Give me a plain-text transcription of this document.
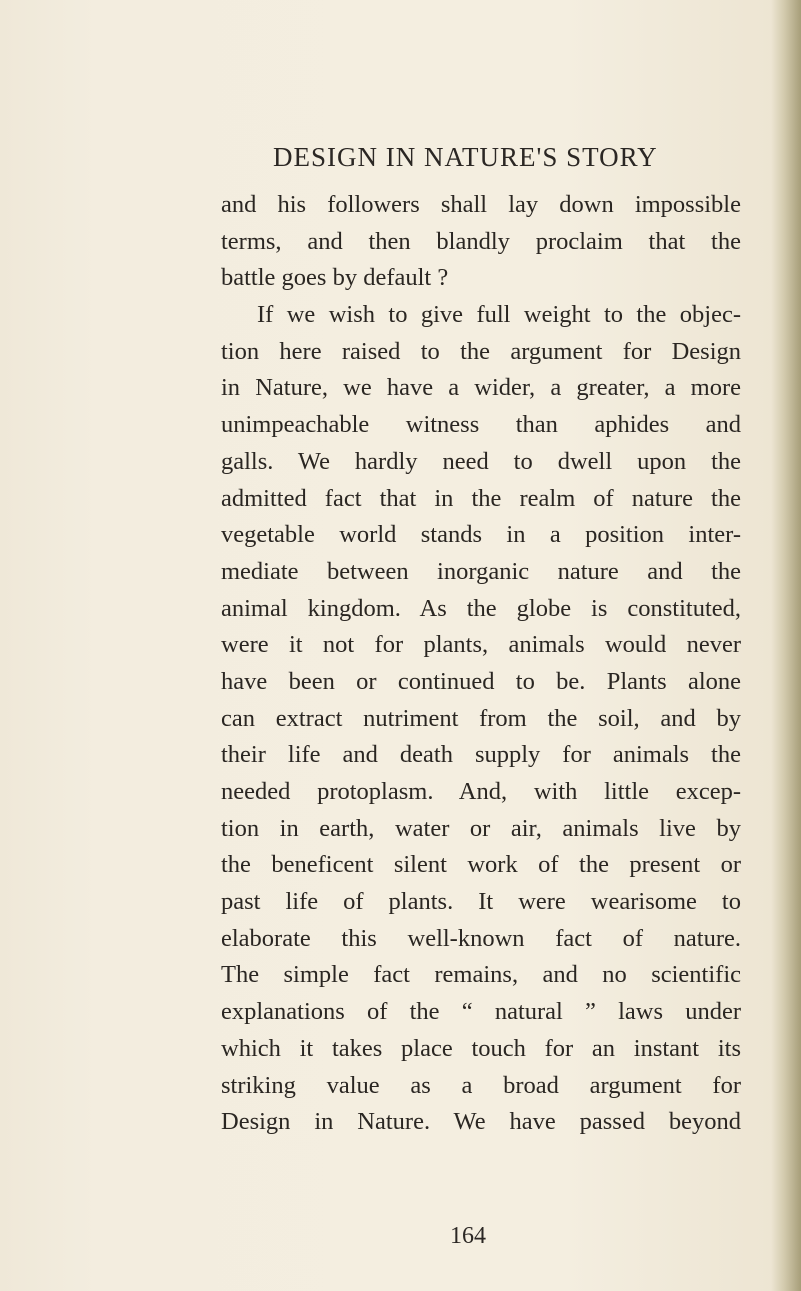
DESIGN IN NATURE'S STORY
and his followers shall lay down impossible
terms, and then blandly proclaim that the
battle goes by default ?
If we wish to give full weight to the objec-
tion here raised to the argument for Design
in Nature, we have a wider, a greater, a more
unimpeachable witness than aphides and
galls. We hardly need to dwell upon the
admitted fact that in the realm of nature the
vegetable world stands in a position inter-
mediate between inorganic nature and the
animal kingdom. As the globe is constituted,
were it not for plants, animals would never
have been or continued to be. Plants alone
can extract nutriment from the soil, and by
their life and death supply for animals the
needed protoplasm. And, with little excep-
tion in earth, water or air, animals live by
the beneficent silent work of the present or
past life of plants. It were wearisome to
elaborate this well-known fact of nature.
The simple fact remains, and no scientific
explanations of the “ natural ” laws under
which it takes place touch for an instant its
striking value as a broad argument for
Design in Nature. We have passed beyond
164
